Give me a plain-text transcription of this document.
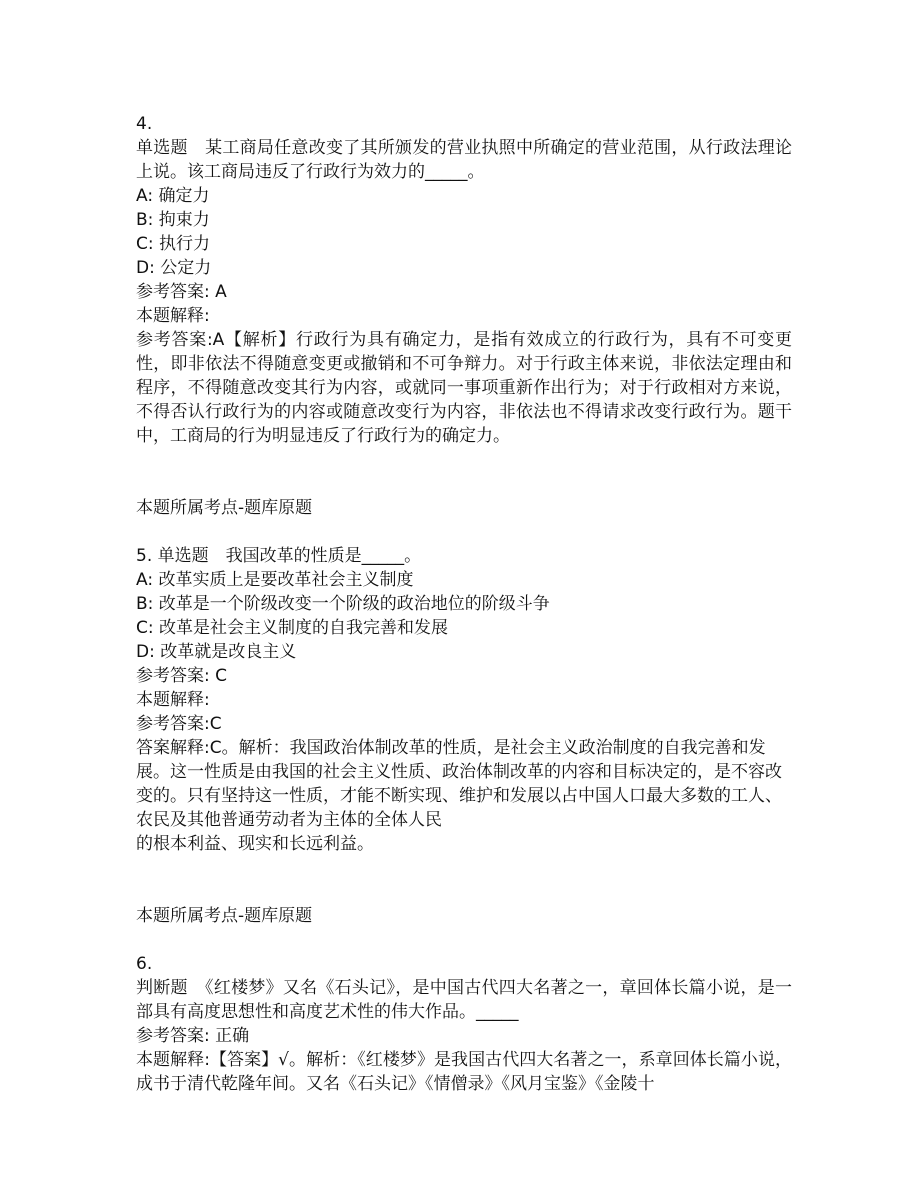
4.
单选题　某工商局任意改变了其所颁发的营业执照中所确定的营业范围，从行政法理论上说。该工商局违反了行政行为效力的_____。
A: 确定力
B: 拘束力
C: 执行力
D: 公定力
参考答案: A
本题解释:
参考答案:A【解析】行政行为具有确定力，是指有效成立的行政行为，具有不可变更性，即非依法不得随意变更或撤销和不可争辩力。对于行政主体来说，非依法定理由和程序，不得随意改变其行为内容，或就同一事项重新作出行为；对于行政相对方来说，不得否认行政行为的内容或随意改变行为内容，非依法也不得请求改变行政行为。题干中，工商局的行为明显违反了行政行为的确定力。
本题所属考点-题库原题
5. 单选题　我国改革的性质是_____。
A: 改革实质上是要改革社会主义制度
B: 改革是一个阶级改变一个阶级的政治地位的阶级斗争
C: 改革是社会主义制度的自我完善和发展
D: 改革就是改良主义
参考答案: C
本题解释:
参考答案:C
答案解释:C。解析：我国政治体制改革的性质，是社会主义政治制度的自我完善和发展。这一性质是由我国的社会主义性质、政治体制改革的内容和目标决定的，是不容改变的。只有坚持这一性质，才能不断实现、维护和发展以占中国人口最大多数的工人、农民及其他普通劳动者为主体的全体人民
的根本利益、现实和长远利益。
本题所属考点-题库原题
6.
判断题　《红楼梦》又名《石头记》，是中国古代四大名著之一，章回体长篇小说，是一部具有高度思想性和高度艺术性的伟大作品。_____
参考答案: 正确
本题解释:【答案】√。解析：《红楼梦》是我国古代四大名著之一，系章回体长篇小说，成书于清代乾隆年间。又名《石头记》《情僧录》《风月宝鉴》《金陵十
